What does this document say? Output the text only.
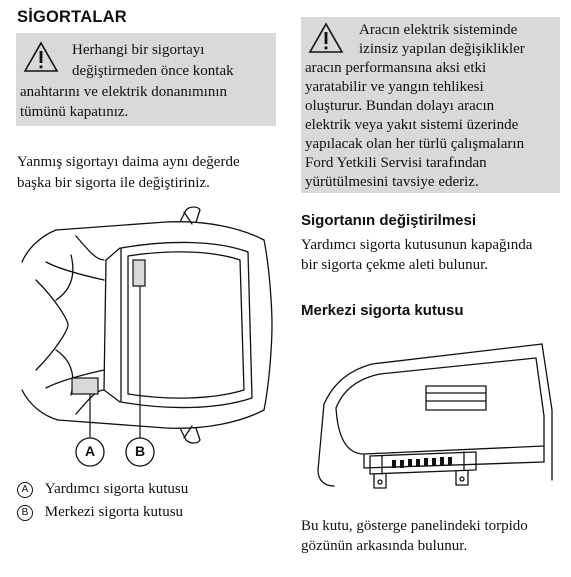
SİGORTALAR
Herhangi bir sigortayı
değiştirmeden önce kontak
anahtarını ve elektrik donanımının
tümünü kapatınız.
Yanmış sigortayı daima aynı değerde
başka bir sigorta ile değiştiriniz.
A	B
A Yardımcı sigorta kutusu
B Merkezi sigorta kutusu
Aracın elektrik sisteminde
izinsiz yapılan değişiklikler
aracın performansına aksi etki
yaratabilir ve yangın tehlikesi
oluşturur. Bundan dolayı aracın
elektrik veya yakıt sistemi üzerinde
yapılacak olan her türlü çalışmaların
Ford Yetkili Servisi tarafından
yürütülmesini tavsiye ederiz.
Sigortanın değiştirilmesi
Yardımcı sigorta kutusunun kapağında
bir sigorta çekme aleti bulunur.
Merkezi sigorta kutusu
Bu kutu, gösterge panelindeki torpido
gözünün arkasında bulunur.
